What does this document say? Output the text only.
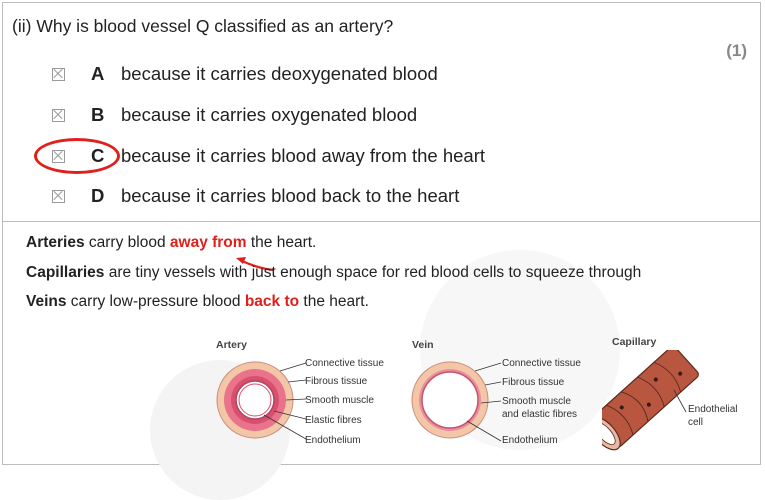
(ii) Why is blood vessel Q classified as an artery?
(1)
A because it carries deoxygenated blood
B because it carries oxygenated blood
C because it carries blood away from the heart
D because it carries blood back to the heart
Arteries carry blood away from the heart.
Capillaries are tiny vessels with just enough space for red blood cells to squeeze through
Veins carry low-pressure blood back to the heart.
Artery
Connective tissue
Fibrous tissue
Smooth muscle
Elastic fibres
Endothelium
Vein
Connective tissue
Fibrous tissue
Smooth muscle
and elastic fibres
Endothelium
Capillary
Endothelial
cell
